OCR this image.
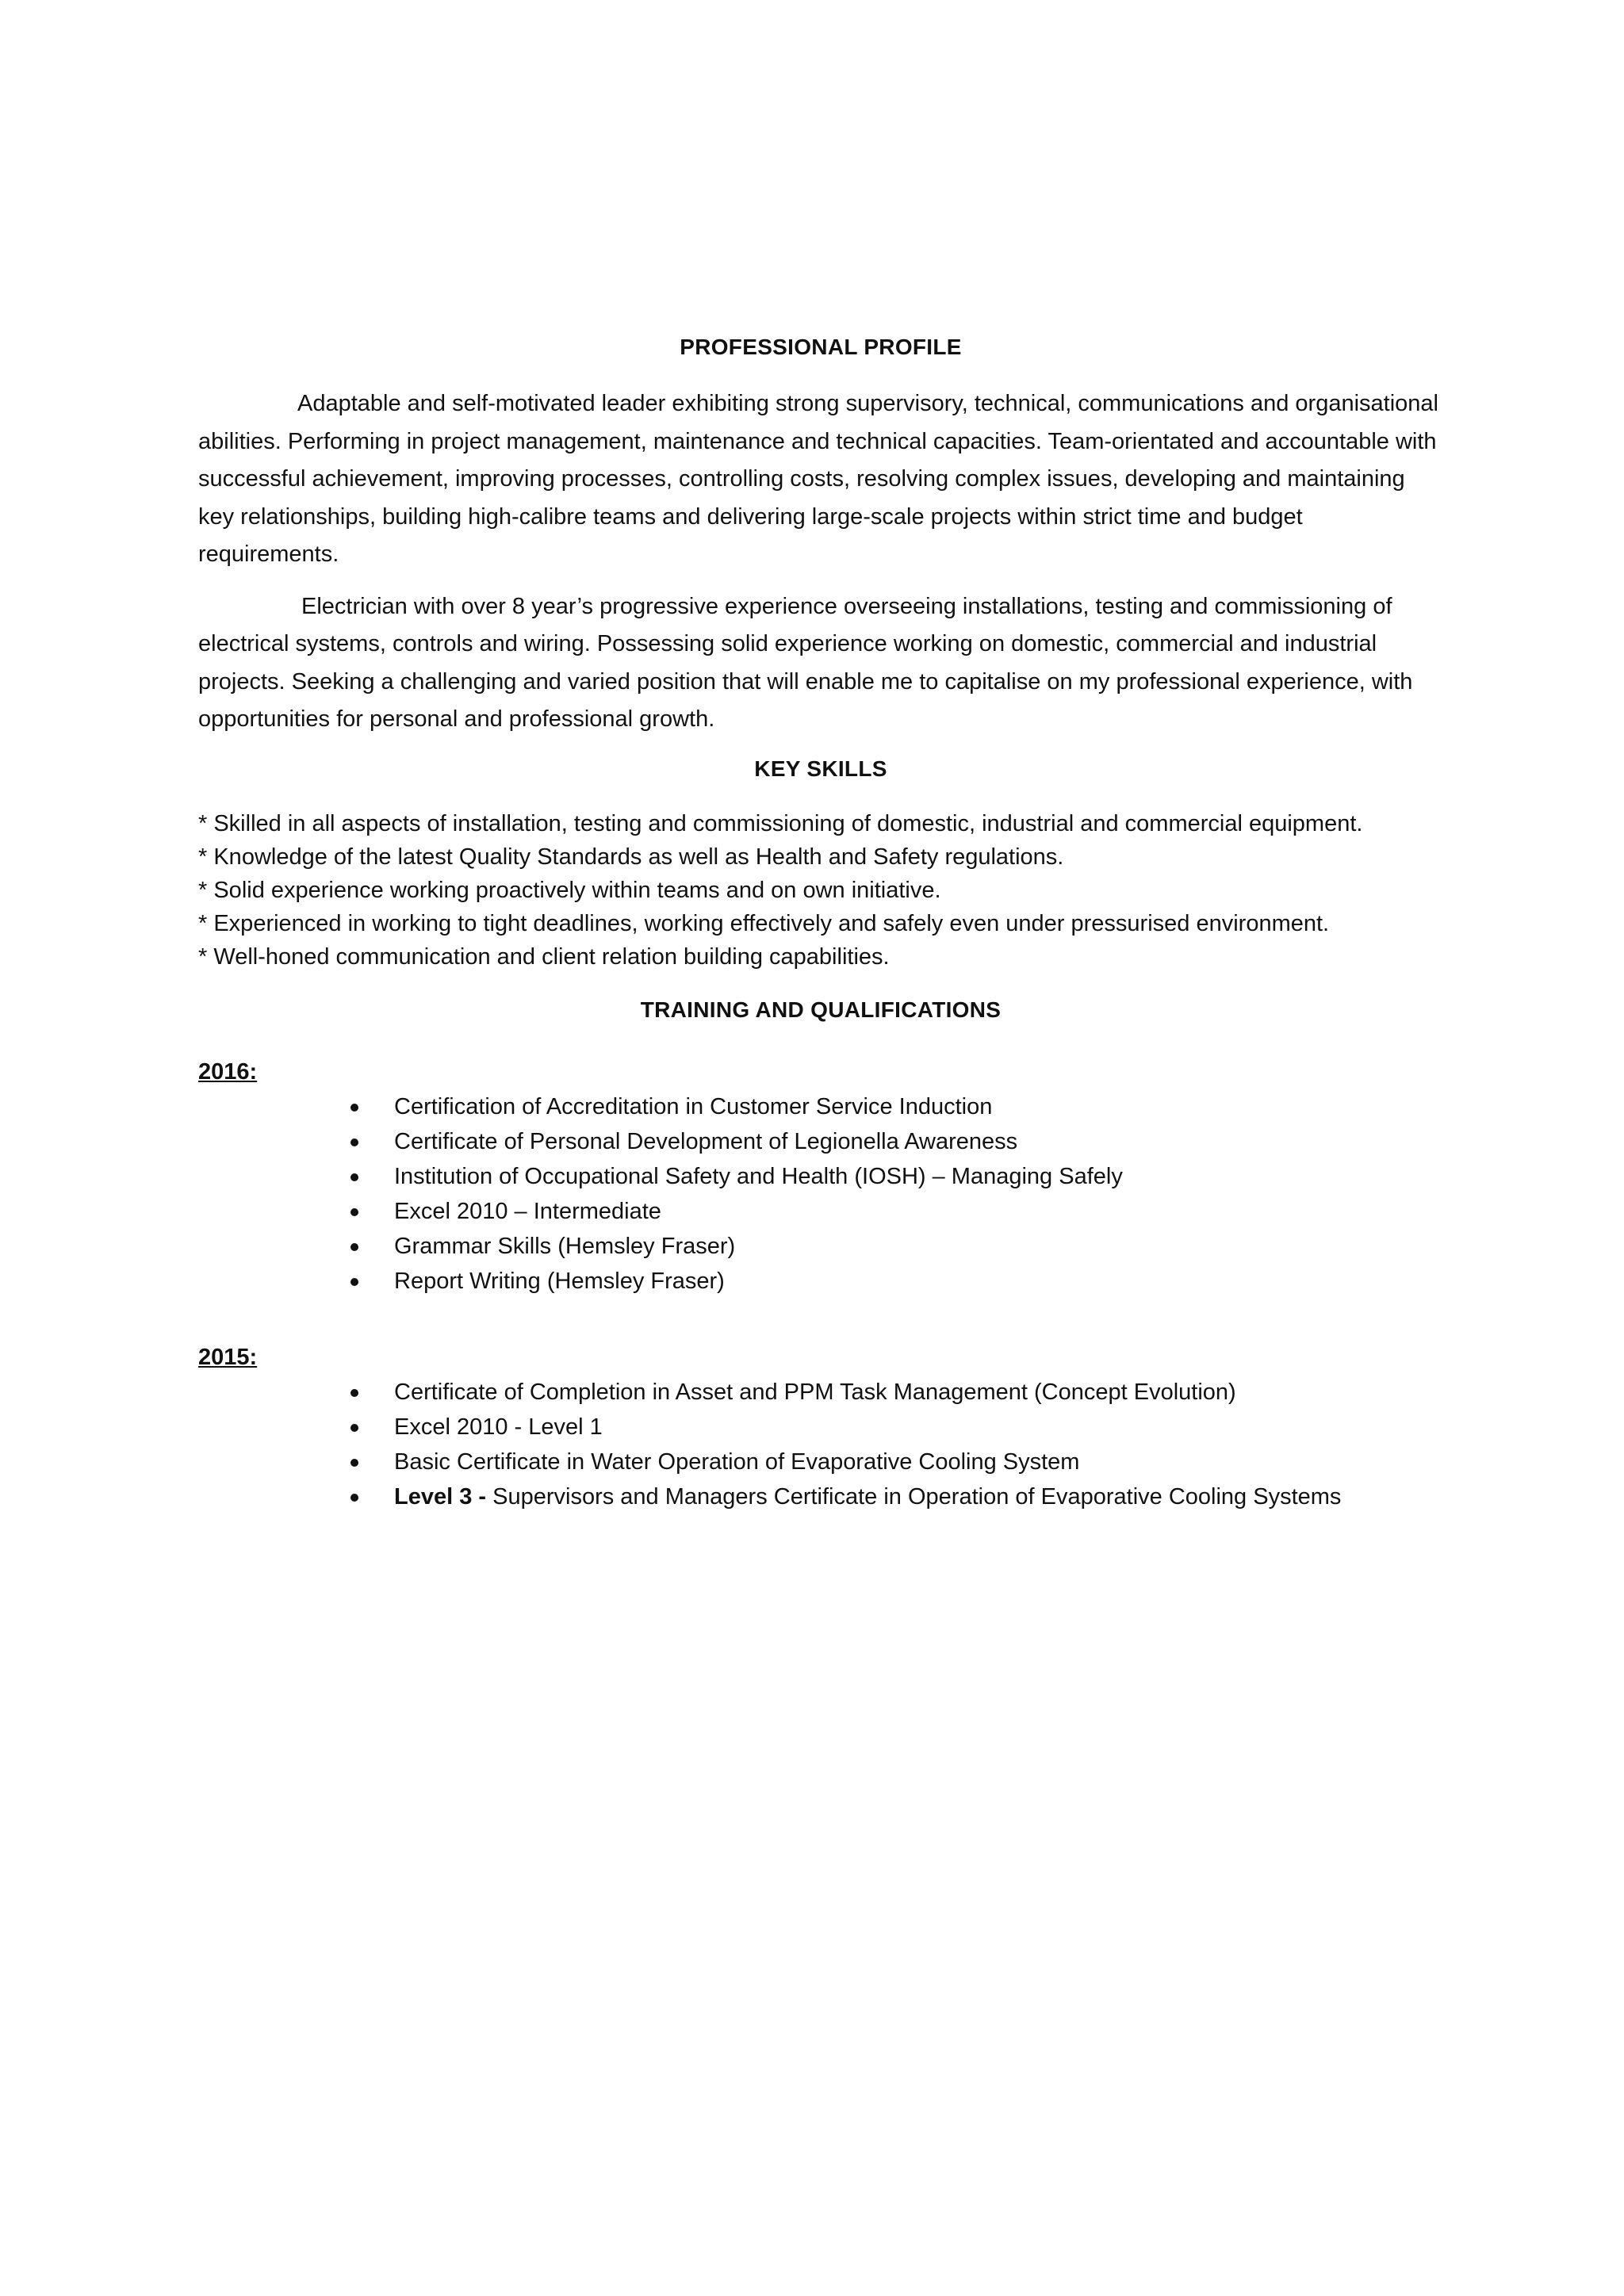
PROFESSIONAL PROFILE

Adaptable and self-motivated leader exhibiting strong supervisory, technical, communications and organisational abilities. Performing in project management, maintenance and technical capacities. Team-orientated and accountable with successful achievement, improving processes, controlling costs, resolving complex issues, developing and maintaining key relationships, building high-calibre teams and delivering large-scale projects within strict time and budget requirements.

Electrician with over 8 year’s progressive experience overseeing installations, testing and commissioning of electrical systems, controls and wiring. Possessing solid experience working on domestic, commercial and industrial projects. Seeking a challenging and varied position that will enable me to capitalise on my professional experience, with opportunities for personal and professional growth.

KEY SKILLS
* Skilled in all aspects of installation, testing and commissioning of domestic, industrial and commercial equipment.
* Knowledge of the latest Quality Standards as well as Health and Safety regulations.
* Solid experience working proactively within teams and on own initiative.
* Experienced in working to tight deadlines, working effectively and safely even under pressurised environment.
* Well-honed communication and client relation building capabilities.
TRAINING AND QUALIFICATIONS

2016:

Certification of Accreditation in Customer Service Induction
Certificate of Personal Development of Legionella Awareness
Institution of Occupational Safety and Health (IOSH) – Managing Safely
Excel 2010 – Intermediate
Grammar Skills (Hemsley Fraser)
Report Writing (Hemsley Fraser)

2015:

Certificate of Completion in Asset and PPM Task Management (Concept Evolution)
Excel 2010 - Level 1
Basic Certificate in Water Operation of Evaporative Cooling System
Level 3 - Supervisors and Managers Certificate in Operation of Evaporative Cooling Systems
